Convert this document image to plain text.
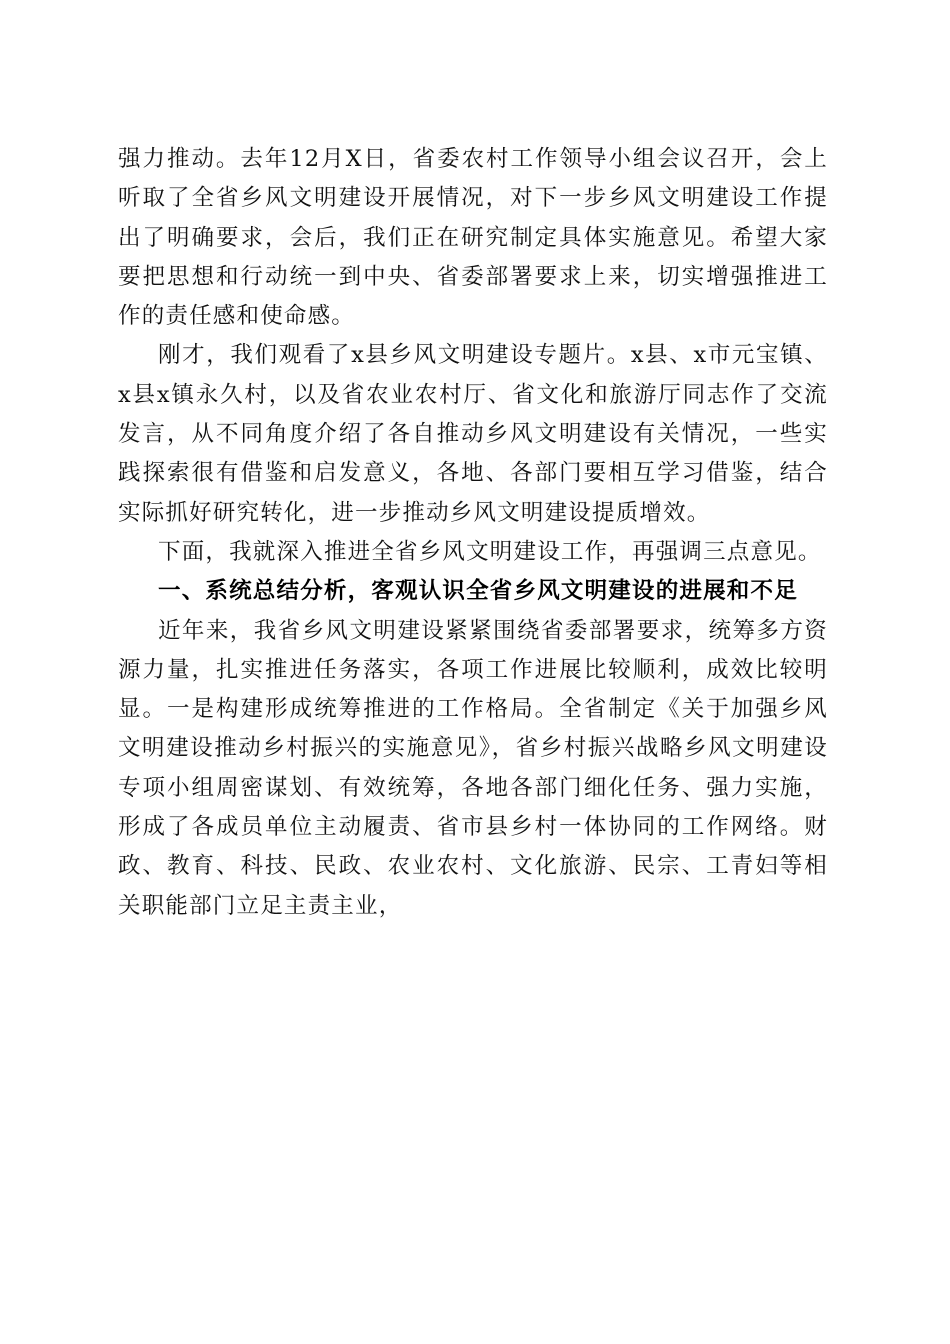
强力推动。去年12月X日，省委农村工作领导小组会议召开，会上听取了全省乡风文明建设开展情况，对下一步乡风文明建设工作提出了明确要求，会后，我们正在研究制定具体实施意见。希望大家要把思想和行动统一到中央、省委部署要求上来，切实增强推进工作的责任感和使命感。

刚才，我们观看了x县乡风文明建设专题片。x县、x市元宝镇、x县x镇永久村，以及省农业农村厅、省文化和旅游厅同志作了交流发言，从不同角度介绍了各自推动乡风文明建设有关情况，一些实践探索很有借鉴和启发意义，各地、各部门要相互学习借鉴，结合实际抓好研究转化，进一步推动乡风文明建设提质增效。

下面，我就深入推进全省乡风文明建设工作，再强调三点意见。

一、系统总结分析，客观认识全省乡风文明建设的进展和不足

近年来，我省乡风文明建设紧紧围绕省委部署要求，统筹多方资源力量，扎实推进任务落实，各项工作进展比较顺利，成效比较明显。一是构建形成统筹推进的工作格局。全省制定《关于加强乡风文明建设推动乡村振兴的实施意见》，省乡村振兴战略乡风文明建设专项小组周密谋划、有效统筹，各地各部门细化任务、强力实施，形成了各成员单位主动履责、省市县乡村一体协同的工作网络。财政、教育、科技、民政、农业农村、文化旅游、民宗、工青妇等相关职能部门立足主责主业，
